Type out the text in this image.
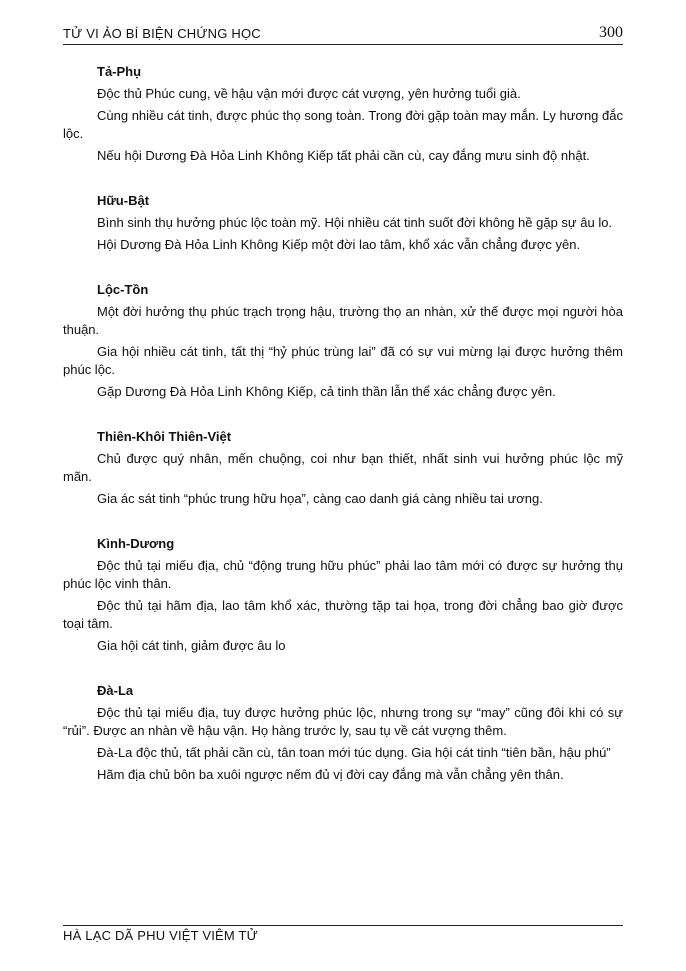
TỬ VI ẢO BÍ BIỆN CHỨNG HỌC	300
Tả-Phụ

Độc thủ Phúc cung, về hậu vận mới được cát vượng, yên hưởng tuổi già.

Cùng nhiều cát tinh, được phúc thọ song toàn. Trong đời gặp toàn may mắn. Ly hương đắc lộc.

Nếu hội Dương Đà Hỏa Linh Không Kiếp tất phải cần cù, cay đắng mưu sinh độ nhật.

Hữu-Bật

Bình sinh thụ hưởng phúc lộc toàn mỹ. Hội nhiều cát tinh suốt đời không hề gặp sự âu lo.

Hội Dương Đà Hỏa Linh Không Kiếp một đời lao tâm, khổ xác vẫn chẳng được yên.

Lộc-Tồn

Một đời hưởng thụ phúc trạch trọng hậu, trường thọ an nhàn, xử thế được mọi người hòa thuận.

Gia hội nhiều cát tinh, tất thị “hỷ phúc trùng lai” đã có sự vui mừng lại được hưởng thêm phúc lộc.

Gặp Dương Đà Hỏa Linh Không Kiếp, cả tinh thần lẫn thể xác chẳng được yên.

Thiên-Khôi Thiên-Việt

Chủ được quý nhân, mến chuộng, coi như bạn thiết, nhất sinh vui hưởng phúc lộc mỹ mãn.

Gia ác sát tinh “phúc trung hữu họa”, càng cao danh giá càng nhiều tai ương.

Kình-Dương

Độc thủ tại miếu địa, chủ “động trung hữu phúc” phải lao tâm mới có được sự hưởng thụ phúc lộc vinh thân.

Độc thủ tại hãm địa, lao tâm khổ xác, thường tặp tai họa, trong đời chẳng bao giờ được toại tâm.

Gia hội cát tinh, giảm được âu lo

Đà-La

Độc thủ tại miếu địa, tuy được hưởng phúc lộc, nhưng trong sự “may” cũng đôi khi có sự “rủi”. Được an nhàn về hậu vận. Họ hàng trước ly, sau tụ về cát vượng thêm.

Đà-La độc thủ, tất phải cần cù, tân toan mới túc dụng. Gia hội cát tinh “tiên bần, hậu phú”

Hãm địa chủ bôn ba xuôi ngược nếm đủ vị đời cay đắng mà vẫn chẳng yên thân.

HÀ LẠC DÃ PHU VIỆT VIÊM TỬ
